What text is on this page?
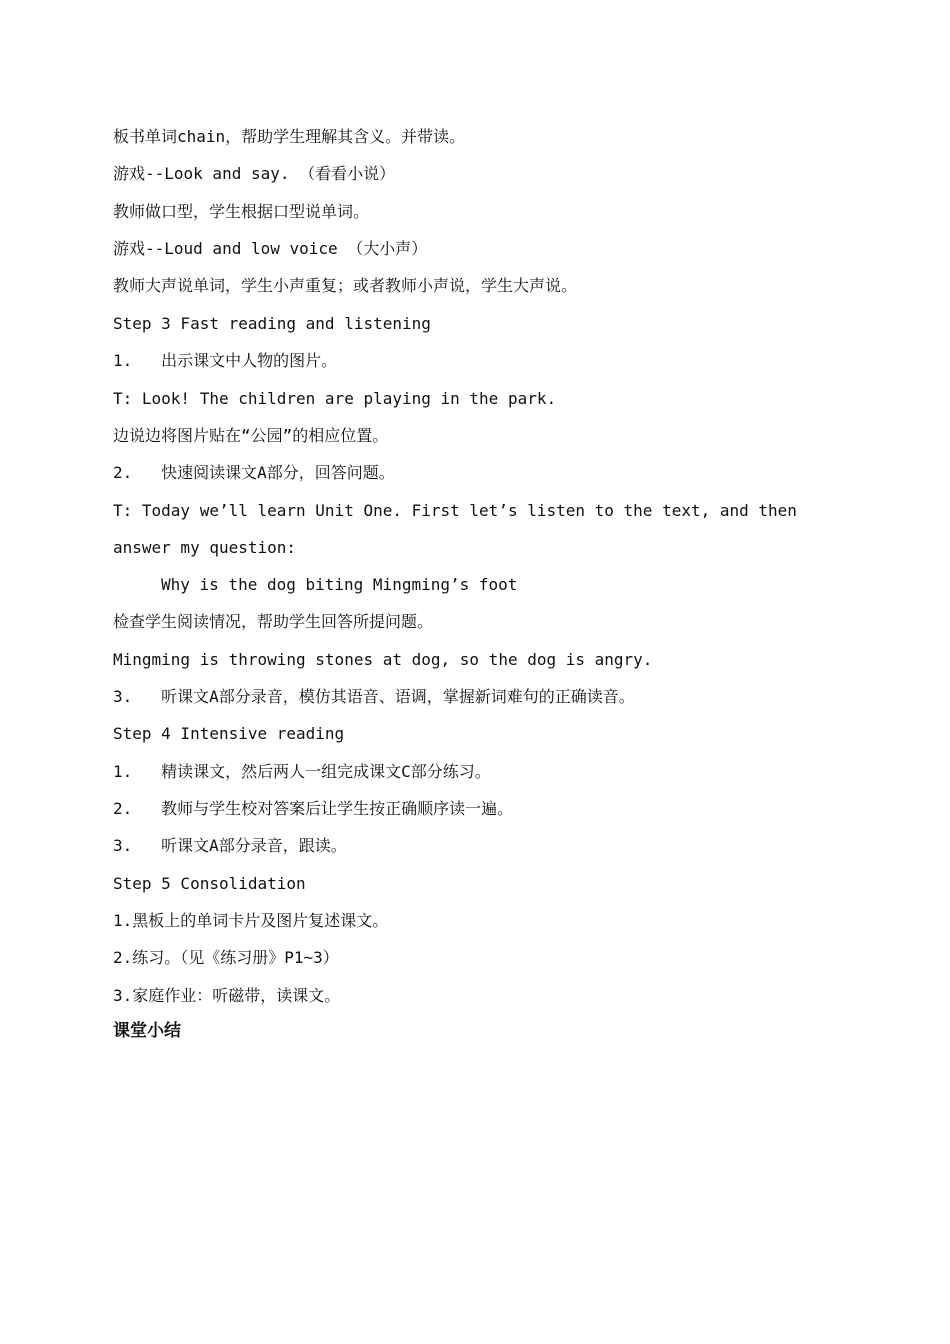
板书单词chain，帮助学生理解其含义。并带读。

游戏--Look and say. （看看小说）

教师做口型，学生根据口型说单词。

游戏--Loud and low voice （大小声）

教师大声说单词，学生小声重复；或者教师小声说，学生大声说。

Step 3 Fast reading and listening

1.   出示课文中人物的图片。

T: Look! The children are playing in the park.

边说边将图片贴在“公园”的相应位置。

2.   快速阅读课文A部分，回答问题。

T: Today we’ll learn Unit One. First let’s listen to the text, and then

answer my question:

Why is the dog biting Mingming’s foot

检查学生阅读情况，帮助学生回答所提问题。

Mingming is throwing stones at dog, so the dog is angry.

3.   听课文A部分录音，模仿其语音、语调，掌握新词难句的正确读音。

Step 4 Intensive reading

1.   精读课文，然后两人一组完成课文C部分练习。

2.   教师与学生校对答案后让学生按正确顺序读一遍。

3.   听课文A部分录音，跟读。

Step 5 Consolidation

1.黑板上的单词卡片及图片复述课文。

2.练习。（见《练习册》P1~3）

3.家庭作业：听磁带，读课文。

课堂小结
